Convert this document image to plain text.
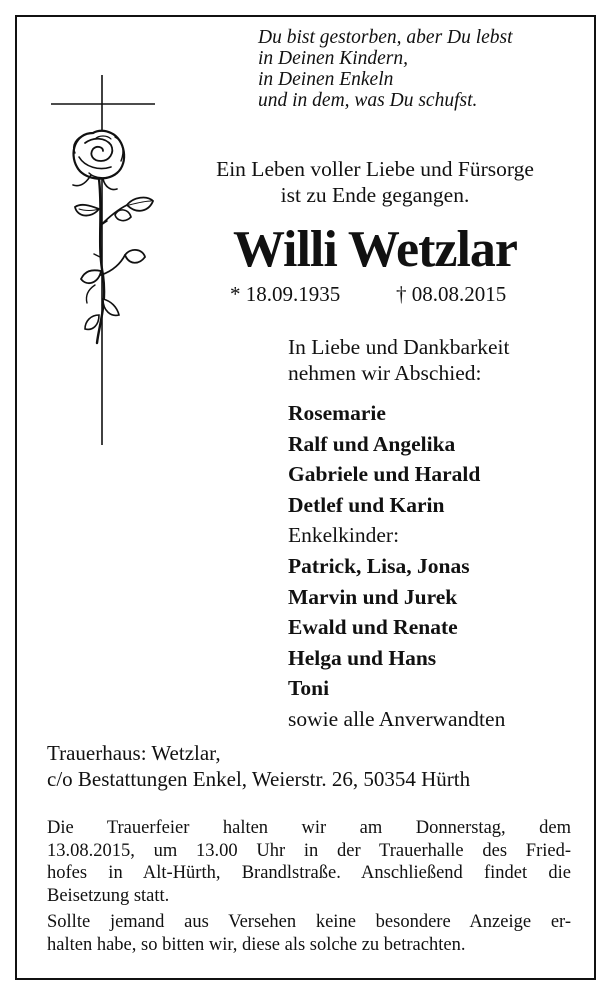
Du bist gestorben, aber Du lebst
in Deinen Kindern,
in Deinen Enkeln
und in dem, was Du schufst.
Ein Leben voller Liebe und Fürsorge
ist zu Ende gegangen.
Willi Wetzlar
* 18.09.1935	† 08.08.2015
In Liebe und Dankbarkeit
nehmen wir Abschied:
Rosemarie
Ralf und Angelika
Gabriele und Harald
Detlef und Karin
Enkelkinder:
Patrick, Lisa, Jonas
Marvin und Jurek
Ewald und Renate
Helga und Hans
Toni
sowie alle Anverwandten
Trauerhaus: Wetzlar,
c/o Bestattungen Enkel, Weierstr. 26, 50354 Hürth
Die Trauerfeier halten wir am Donnerstag, dem
13.08.2015, um 13.00 Uhr in der Trauerhalle des Fried-
hofes in Alt-Hürth, Brandlstraße. Anschließend findet die
Beisetzung statt.
Sollte jemand aus Versehen keine besondere Anzeige er-
halten habe, so bitten wir, diese als solche zu betrachten.
